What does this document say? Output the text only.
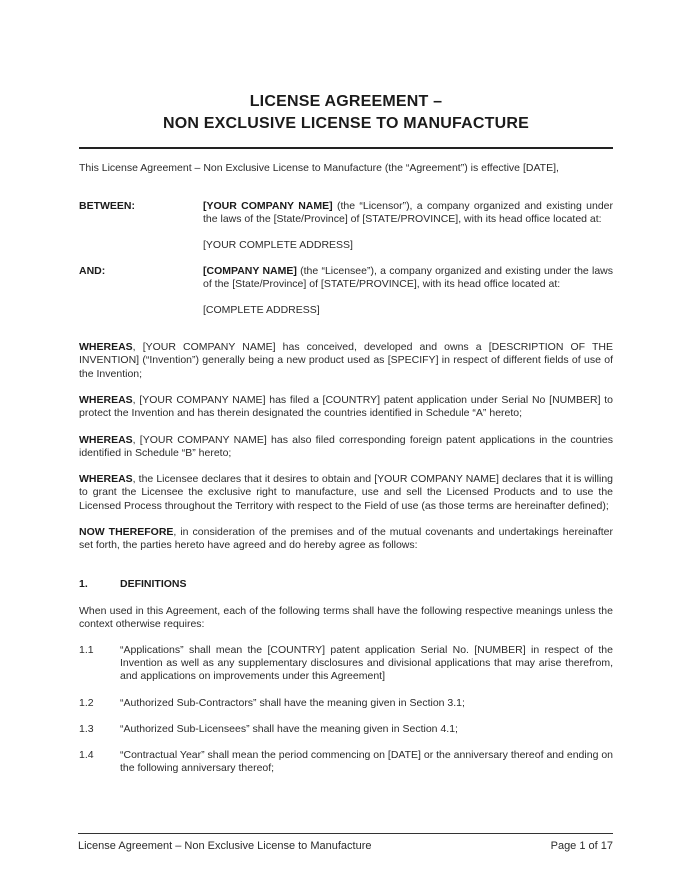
LICENSE AGREEMENT –
NON EXCLUSIVE LICENSE TO MANUFACTURE

This License Agreement – Non Exclusive License to Manufacture (the “Agreement”) is effective [DATE],

BETWEEN:	[YOUR COMPANY NAME] (the “Licensor”), a company organized and existing under the laws of the [State/Province] of [STATE/PROVINCE], with its head office located at:

[YOUR COMPLETE ADDRESS]

AND:	[COMPANY NAME] (the “Licensee”), a company organized and existing under the laws of the [State/Province] of [STATE/PROVINCE], with its head office located at:

[COMPLETE ADDRESS]

WHEREAS, [YOUR COMPANY NAME] has conceived, developed and owns a [DESCRIPTION OF THE INVENTION] (“Invention”) generally being a new product used as [SPECIFY] in respect of different fields of use of the Invention;

WHEREAS, [YOUR COMPANY NAME] has filed a [COUNTRY] patent application under Serial No [NUMBER] to protect the Invention and has therein designated the countries identified in Schedule “A” hereto;

WHEREAS, [YOUR COMPANY NAME] has also filed corresponding foreign patent applications in the countries identified in Schedule “B” hereto;

WHEREAS, the Licensee declares that it desires to obtain and [YOUR COMPANY NAME] declares that it is willing to grant the Licensee the exclusive right to manufacture, use and sell the Licensed Products and to use the Licensed Process throughout the Territory with respect to the Field of use (as those terms are hereinafter defined);

NOW THEREFORE, in consideration of the premises and of the mutual covenants and undertakings hereinafter set forth, the parties hereto have agreed and do hereby agree as follows:

1.	DEFINITIONS

When used in this Agreement, each of the following terms shall have the following respective meanings unless the context otherwise requires:

1.1	“Applications” shall mean the [COUNTRY] patent application Serial No. [NUMBER] in respect of the Invention as well as any supplementary disclosures and divisional applications that may arise therefrom, and applications on improvements under this Agreement]

1.2	“Authorized Sub-Contractors” shall have the meaning given in Section 3.1;

1.3	“Authorized Sub-Licensees” shall have the meaning given in Section 4.1;

1.4	“Contractual Year” shall mean the period commencing on [DATE] or the anniversary thereof and ending on the following anniversary thereof;

License Agreement – Non Exclusive License to Manufacture	Page 1 of 17
